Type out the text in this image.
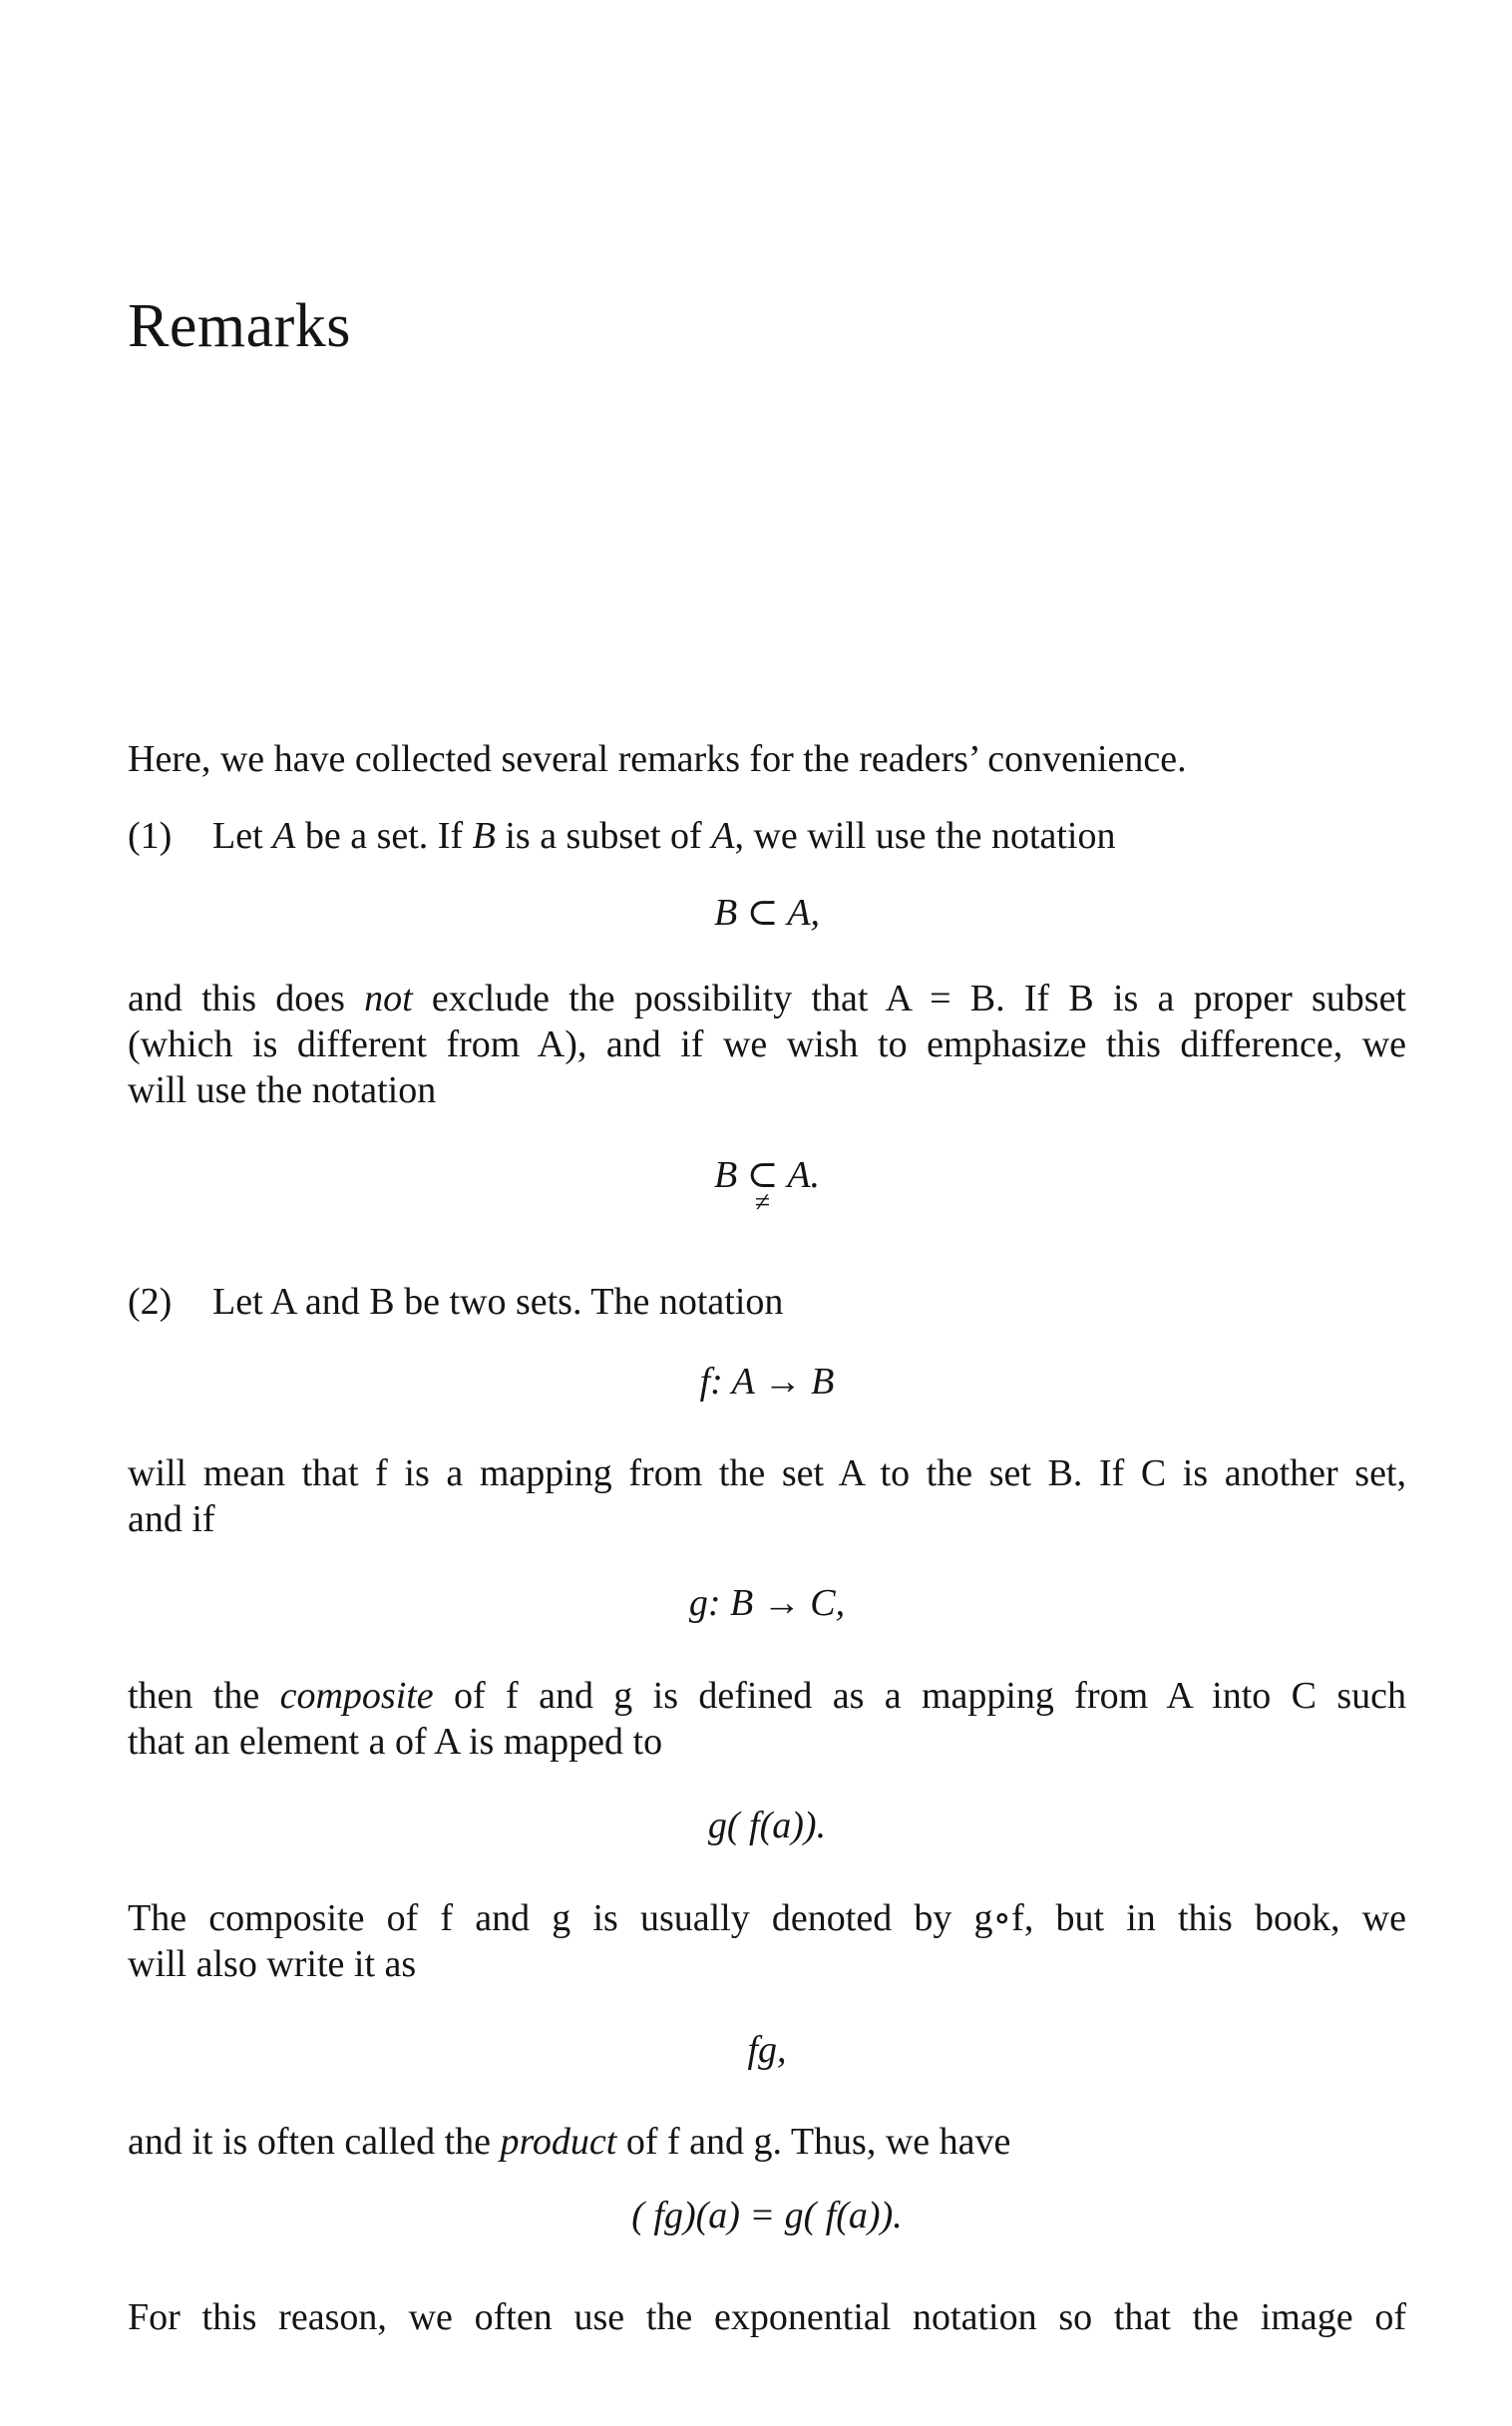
Remarks
Here, we have collected several remarks for the readers’ convenience.
(1) Let A be a set. If B is a subset of A, we will use the notation
B ⊂ A,
and this does not exclude the possibility that A = B. If B is a proper subset
(which is different from A), and if we wish to emphasize this difference, we
will use the notation
B ⊂
≠
A.
(2) Let A and B be two sets. The notation
f: A → B
will mean that f is a mapping from the set A to the set B. If C is another set,
and if
g: B → C,
then the composite of f and g is defined as a mapping from A into C such
that an element a of A is mapped to
g( f(a)).
The composite of f and g is usually denoted by g∘f, but in this book, we
will also write it as
fg,
and it is often called the product of f and g. Thus, we have
( fg)(a) = g( f(a)).
For this reason, we often use the exponential notation so that the image of
